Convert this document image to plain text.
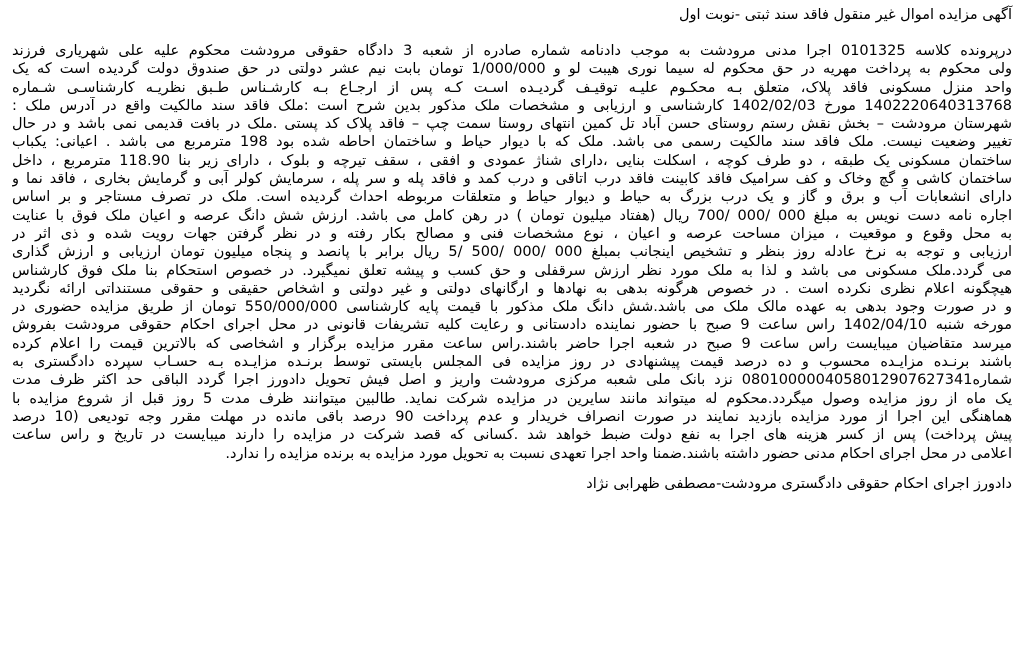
آگهی مزایده اموال غیر منقول فاقد سند ثبتی -نوبت اول
درپرونده کلاسه 0101325 اجرا مدنی مرودشت به موجب دادنامه شماره صادره از شعبه 3 دادگاه حقوقی مرودشت محکوم علیه علی شهریاری فرزند
ولی محکوم به پرداخت مهریه در حق محکوم له سیما نوری هیبت لو و 1/000/000 تومان بابت نیم عشر دولتی در حق صندوق دولت گردیده است که یک
واحد منزل مسکونی فاقد پلاک، متعلق بـه محکـوم علیـه توقیـف گردیـده اسـت کـه پس از ارجـاع بـه کارشـناس طـبق نظریـه کارشناسـی شـماره
140222064031376​8 مورخ 1402/02/03 کارشناسی و ارزیابی و مشخصات ملک مذکور بدین شرح است :ملک فاقد سند مالکیت واقع در آدرس ملک :
شهرستان مرودشت – بخش نقش رستم روستای حسن آباد تل کمین انتهای روستا سمت چپ – فاقد پلاک کد پستی .ملک در بافت قدیمی نمی باشد و در حال
تغییر وضعیت نیست. ملک فاقد سند مالکیت رسمی می باشد. ملک که با دیوار حیاط و ساختمان احاطه شده بود 198 مترمربع می باشد . اعیانی: یکباب
ساختمان مسکونی یک طبقه ، دو طرف کوچه ، اسکلت بنایی ،دارای شناژ عمودی و افقی ، سقف تیرچه و بلوک ، دارای زیر بنا 118.90 مترمربع ، داخل
ساختمان کاشی و گچ وخاک و کف سرامیک فاقد کابینت فاقد درب اتاقی و درب کمد و فاقد پله و سر پله ، سرمایش کولر آبی و گرمایش بخاری ، فاقد نما و
دارای انشعابات آب و برق و گاز و یک درب بزرگ به حیاط و دیوار حیاط و متعلقات مربوطه احداث گردیده است. ملک در تصرف مستاجر و بر اساس
اجاره نامه دست نویس به مبلغ 000 /000 /700 ریال (هفتاد میلیون تومان ) در رهن کامل می باشد. ارزش شش دانگ عرصه و اعیان ملک فوق با عنایت
به محل وقوع و موقعیت ، میزان مساحت عرصه و اعیان ، نوع مشخصات فنی و مصالح بکار رفته و در نظر گرفتن جهات رویت شده و ذی اثر در
ارزیابی و توجه به نرخ عادله روز بنظر و تشخیص اینجانب بمبلغ 000 /000 /500 /5 ریال برابر با پانصد و پنجاه میلیون تومان ارزیابی و ارزش گذاری
می گردد.ملک مسکونی می باشد و لذا به ملک مورد نظر ارزش سرقفلی و حق کسب و پیشه تعلق نمیگیرد. در خصوص استحکام بنا ملک فوق کارشناس
هیچگونه اعلام نظری نکرده است . در خصوص هرگونه بدهی به نهادها و ارگانهای دولتی و غیر دولتی و اشخاص حقیقی و حقوقی مستنداتی ارائه نگردید
و در صورت وجود بدهی به عهده مالک ملک می باشد.شش دانگ ملک مذکور با قیمت پایه کارشناسی 550/000/000 تومان از طریق مزایده حضوری در
مورخه شنبه 1402/04/10 راس ساعت 9 صبح با حضور نماینده دادستانی و رعایت کلیه تشریفات قانونی در محل اجرای احکام حقوقی مرودشت بفروش
میرسد متقاضیان میبایست راس ساعت 9 صبح در شعبه اجرا حاضر باشند.راس ساعت مقرر مزایده برگزار و اشخاصی که بالاترین قیمت را اعلام کرده
باشند برنـده مزایـده محسوب و ده درصد قیمت پیشنهادی در روز مزایده فی المجلس بایستی توسط برنـده مزایـده بـه حسـاب سپرده دادگستری به
شماره080100000405801290762734​1 نزد بانک ملی شعبه مرکزی مرودشت واریز و اصل فیش تحویل دادورز اجرا گردد الباقی حد اکثر ظرف مدت
یک ماه از روز مزایده وصول میگردد.محکوم له میتواند مانند سایرین در مزایده شرکت نماید. طالبین میتوانند ظرف مدت 5 روز قبل از شروع مزایده با
هماهنگی این اجرا از مورد مزایده بازدید نمایند در صورت انصراف خریدار و عدم پرداخت 90 درصد باقی مانده در مهلت مقرر وجه تودیعی (10 درصد
پیش پرداخت) پس از کسر هزینه های اجرا به نفع دولت ضبط خواهد شد .کسانی که قصد شرکت در مزایده را دارند میبایست در تاریخ و راس ساعت
اعلامی در محل اجرای احکام مدنی حضور داشته باشند.ضمنا واحد اجرا تعهدی نسبت به تحویل مورد مزایده به برنده مزایده را ندارد.
دادورز اجرای احکام حقوقی دادگستری مرودشت-مصطفی ظهرابی نژاد
